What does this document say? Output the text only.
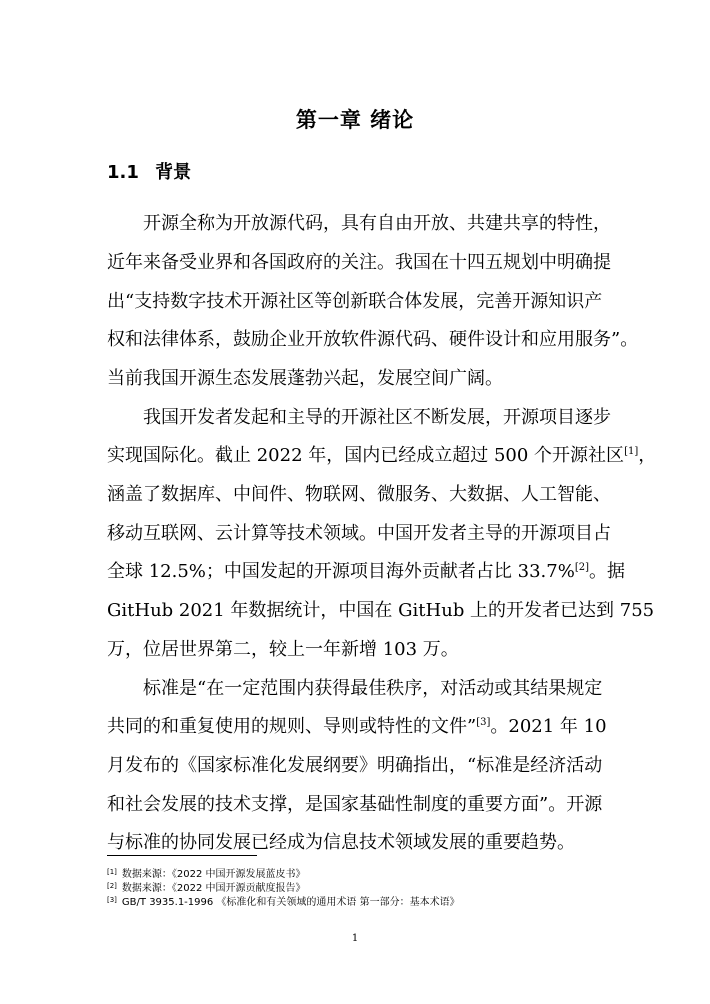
第一章 绪论
1.1 背景
开源全称为开放源代码，具有自由开放、共建共享的特性，
近年来备受业界和各国政府的关注。我国在十四五规划中明确提
出“支持数字技术开源社区等创新联合体发展，完善开源知识产
权和法律体系，鼓励企业开放软件源代码、硬件设计和应用服务”。
当前我国开源生态发展蓬勃兴起，发展空间广阔。
我国开发者发起和主导的开源社区不断发展，开源项目逐步
实现国际化。截止 2022 年，国内已经成立超过 500 个开源社区[1]，
涵盖了数据库、中间件、物联网、微服务、大数据、人工智能、
移动互联网、云计算等技术领域。中国开发者主导的开源项目占
全球 12.5%；中国发起的开源项目海外贡献者占比 33.7%[2]。据
GitHub 2021 年数据统计，中国在 GitHub 上的开发者已达到 755
万，位居世界第二，较上一年新增 103 万。
标准是“在一定范围内获得最佳秩序，对活动或其结果规定
共同的和重复使用的规则、导则或特性的文件”[3]。2021 年 10
月发布的《国家标准化发展纲要》明确指出，“标准是经济活动
和社会发展的技术支撑，是国家基础性制度的重要方面”。开源
与标准的协同发展已经成为信息技术领域发展的重要趋势。
[1] 数据来源：《2022 中国开源发展蓝皮书》
[2] 数据来源：《2022 中国开源贡献度报告》
[3] GB/T 3935.1-1996 《标准化和有关领域的通用术语 第一部分：基本术语》
1
